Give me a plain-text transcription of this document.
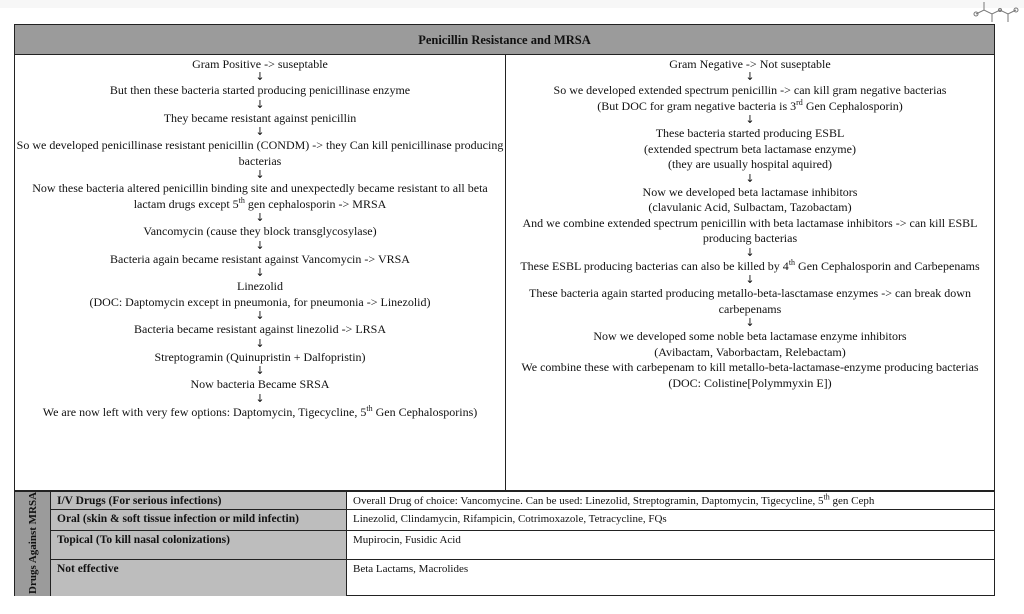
Penicillin Resistance and MRSA
Gram Positive -> suseptable
↓
But then these bacteria started producing penicillinase enzyme
↓
They became resistant against penicillin
↓
So we developed penicillinase resistant penicillin (CONDM) -> they Can kill penicillinase producing bacterias
↓
Now these bacteria altered penicillin binding site and unexpectedly became resistant to all beta lactam drugs except 5th gen cephalosporin -> MRSA
↓
Vancomycin (cause they block transglycosylase)
↓
Bacteria again became resistant against Vancomycin -> VRSA
↓
Linezolid
(DOC: Daptomycin except in pneumonia, for pneumonia -> Linezolid)
↓
Bacteria became resistant against linezolid -> LRSA
↓
Streptogramin (Quinupristin + Dalfopristin)
↓
Now bacteria Became SRSA
↓
We are now left with very few options: Daptomycin, Tigecycline, 5th Gen Cephalosporins)
Gram Negative -> Not suseptable
↓
So we developed extended spectrum penicillin -> can kill gram negative bacterias
(But DOC for gram negative bacteria is 3rd Gen Cephalosporin)
↓
These bacteria started producing ESBL
(extended spectrum beta lactamase enzyme)
(they are usually hospital aquired)
↓
Now we developed beta lactamase inhibitors
(clavulanic Acid, Sulbactam, Tazobactam)
And we combine extended spectrum penicillin with beta lactamase inhibitors -> can kill ESBL producing bacterias
↓
These ESBL producing bacterias can also be killed by 4th Gen Cephalosporin and Carbepenams
↓
These bacteria again started producing metallo-beta-lasctamase enzymes -> can break down carbepenams
↓
Now we developed some noble beta lactamase enzyme inhibitors
(Avibactam, Vaborbactam, Relebactam)
We combine these with carbepenam to kill metallo-beta-lactamase-enzyme producing bacterias
(DOC: Colistine[Polymmyxin E])
Drugs Against MRSA	I/V Drugs (For serious infections)	Overall Drug of choice: Vancomycine. Can be used: Linezolid, Streptogramin, Daptomycin, Tigecycline, 5th gen Ceph
Oral (skin & soft tissue infection or mild infectin)	Linezolid, Clindamycin, Rifampicin, Cotrimoxazole, Tetracycline, FQs
Topical (To kill nasal colonizations)	Mupirocin, Fusidic Acid
Not effective	Beta Lactams, Macrolides
